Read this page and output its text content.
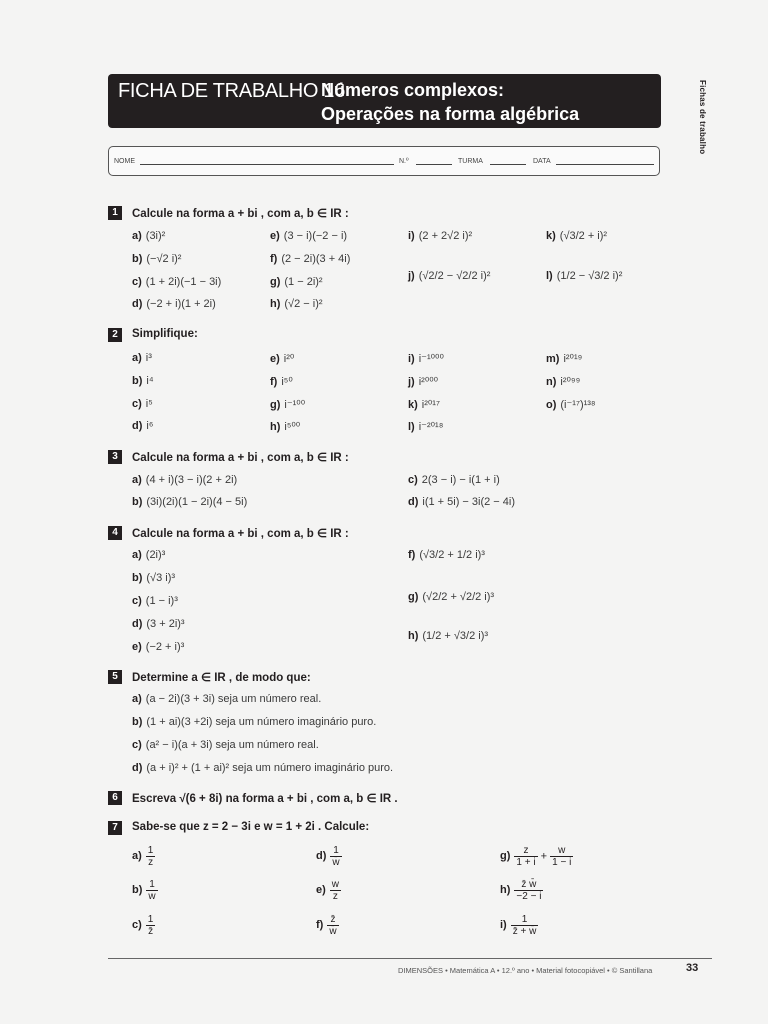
FICHA DE TRABALHO 16
Números complexos:
Operações na forma algébrica	Fichas de trabalho
NOME	N.º	TURMA	DATA
1	Calcule na forma a + bi , com a, b ∈ IR :
a) (3i)²	e) (3 − i)(−2 − i)	i) (2 + 2√2 i)²	k) (√3/2 + i)²
b) (−√2 i)²	f) (2 − 2i)(3 + 4i)
j) (√2/2 − √2/2 i)²	l) (1/2 − √3/2 i)²
c) (1 + 2i)(−1 − 3i)	g) (1 − 2i)²
d) (−2 + i)(1 + 2i)	h) (√2 − i)²
2	Simplifique:
a) i³	e) i²⁰	i) i⁻¹⁰⁰⁰	m) i²⁰¹⁹
b) i⁴	f) i⁵⁰	j) i²⁰⁰⁰	n) i²⁰⁹⁹
c) i⁵	g) i⁻¹⁰⁰	k) i²⁰¹⁷	o) (i⁻¹⁷)¹³⁸
d) i⁶	h) i⁵⁰⁰	l) i⁻²⁰¹⁸
3	Calcule na forma a + bi , com a, b ∈ IR :
a) (4 + i)(3 − i)(2 + 2i)	c) 2(3 − i) − i(1 + i)
b) (3i)(2i)(1 − 2i)(4 − 5i)	d) i(1 + 5i) − 3i(2 − 4i)
4	Calcule na forma a + bi , com a, b ∈ IR :
a) (2i)³
b) (√3 i)³
c) (1 − i)³
d) (3 + 2i)³
e) (−2 + i)³
f) (√3/2 + 1/2 i)³
g) (√2/2 + √2/2 i)³
h) (1/2 + √3/2 i)³
5	Determine a ∈ IR , de modo que:
a) (a − 2i)(3 + 3i) seja um número real.
b) (1 + ai)(3 +2i) seja um número imaginário puro.
c) (a² − i)(a + 3i) seja um número real.
d) (a + i)² + (1 + ai)² seja um número imaginário puro.
6	Escreva √(6 + 8i) na forma a + bi , com a, b ∈ IR .
7	Sabe-se que z = 2 − 3i e w = 1 + 2i . Calcule:
$a) \frac{1}{z}$	$d) \frac{1}{w̄}$	$g) \frac{z}{1 + i} + \frac{w}{1 - i}$
$b) \frac{1}{w}$	$e) \frac{w}{z}$	$h) \frac{z̄ w̄}{-2 - i}$
$c) \frac{1}{z̄}$	$f) \frac{z̄}{w̄}$	$i) \frac{1}{z̄ + w̄}$
DIMENSÕES • Matemática A • 12.º ano • Material fotocopiável • © Santillana	33
